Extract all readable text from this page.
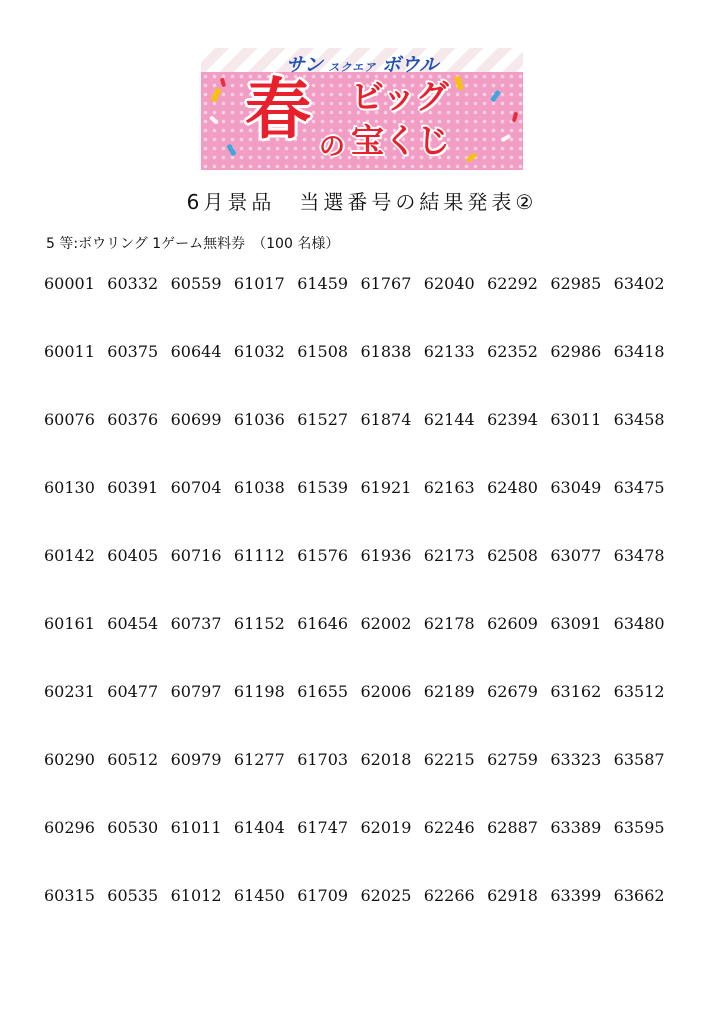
サン スクエア ボウル
春 の
ビッグ
宝くじ
6月景品　当選番号の結果発表②
5 等:ボウリング 1ゲーム無料券　（100 名様）
60001 60332 60559 61017 61459 61767 62040 62292 62985 63402
60011 60375 60644 61032 61508 61838 62133 62352 62986 63418
60076 60376 60699 61036 61527 61874 62144 62394 63011 63458
60130 60391 60704 61038 61539 61921 62163 62480 63049 63475
60142 60405 60716 61112 61576 61936 62173 62508 63077 63478
60161 60454 60737 61152 61646 62002 62178 62609 63091 63480
60231 60477 60797 61198 61655 62006 62189 62679 63162 63512
60290 60512 60979 61277 61703 62018 62215 62759 63323 63587
60296 60530 61011 61404 61747 62019 62246 62887 63389 63595
60315 60535 61012 61450 61709 62025 62266 62918 63399 63662
